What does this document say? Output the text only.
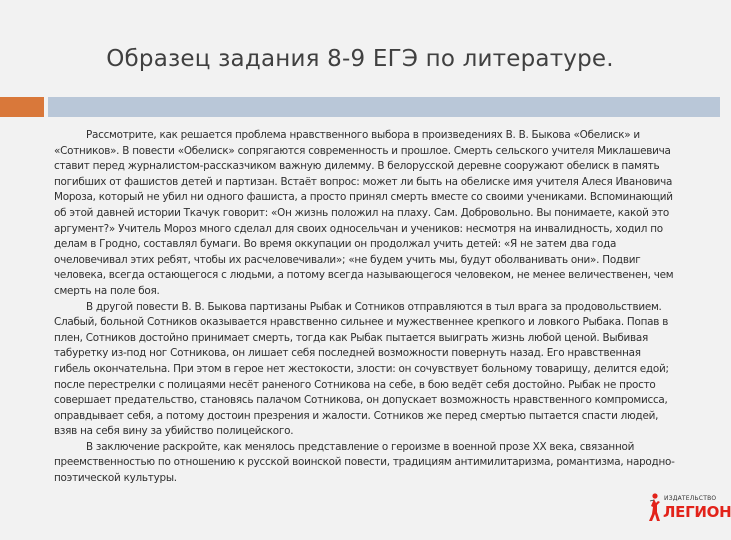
Образец задания 8-9 ЕГЭ по литературе.

Рассмотрите, как решается проблема нравственного выбора в произведениях В. В. Быкова «Обелиск» и «Сотников». В повести «Обелиск» сопрягаются современность и прошлое. Смерть сельского учителя Миклашевича ставит перед журналистом-рассказчиком важную дилемму. В белорусской деревне сооружают обелиск в память погибших от фашистов детей и партизан. Встаёт вопрос: может ли быть на обелиске имя учителя Алеся Ивановича Мороза, который не убил ни одного фашиста, а просто принял смерть вместе со своими учениками. Вспоминающий об этой давней истории Ткачук говорит: «Он жизнь положил на плаху. Сам. Добровольно. Вы понимаете, какой это аргумент?» Учитель Мороз много сделал для своих односельчан и учеников: несмотря на инвалидность, ходил по делам в Гродно, составлял бумаги. Во время оккупации он продолжал учить детей: «Я не затем два года очеловечивал этих ребят, чтобы их расчеловечивали»; «не будем учить мы, будут оболванивать они». Подвиг человека, всегда остающегося с людьми, а потому всегда называющегося человеком, не менее величественен, чем смерть на поле боя.

В другой повести В. В. Быкова партизаны Рыбак и Сотников отправляются в тыл врага за продовольствием. Слабый, больной Сотников оказывается нравственно сильнее и мужественнее крепкого и ловкого Рыбака. Попав в плен, Сотников достойно принимает смерть, тогда как Рыбак пытается выиграть жизнь любой ценой. Выбивая табуретку из-под ног Сотникова, он лишает себя последней возможности повернуть назад. Его нравственная гибель окончательна. При этом в герое нет жестокости, злости: он сочувствует больному товарищу, делится едой; после перестрелки с полицаями несёт раненого Сотникова на себе, в бою ведёт себя достойно. Рыбак не просто совершает предательство, становясь палачом Сотникова, он допускает возможность нравственного компромисса, оправдывает себя, а потому достоин презрения и жалости. Сотников же перед смертью пытается спасти людей, взяв на себя вину за убийство полицейского.

В заключение раскройте, как менялось представление о героизме в военной прозе XX века, связанной преемственностью по отношению к русской воинской повести, традициям антимилитаризма, романтизма, народно-поэтической культуры.

ИЗДАТЕЛЬСТВО
ЛЕГИОН
